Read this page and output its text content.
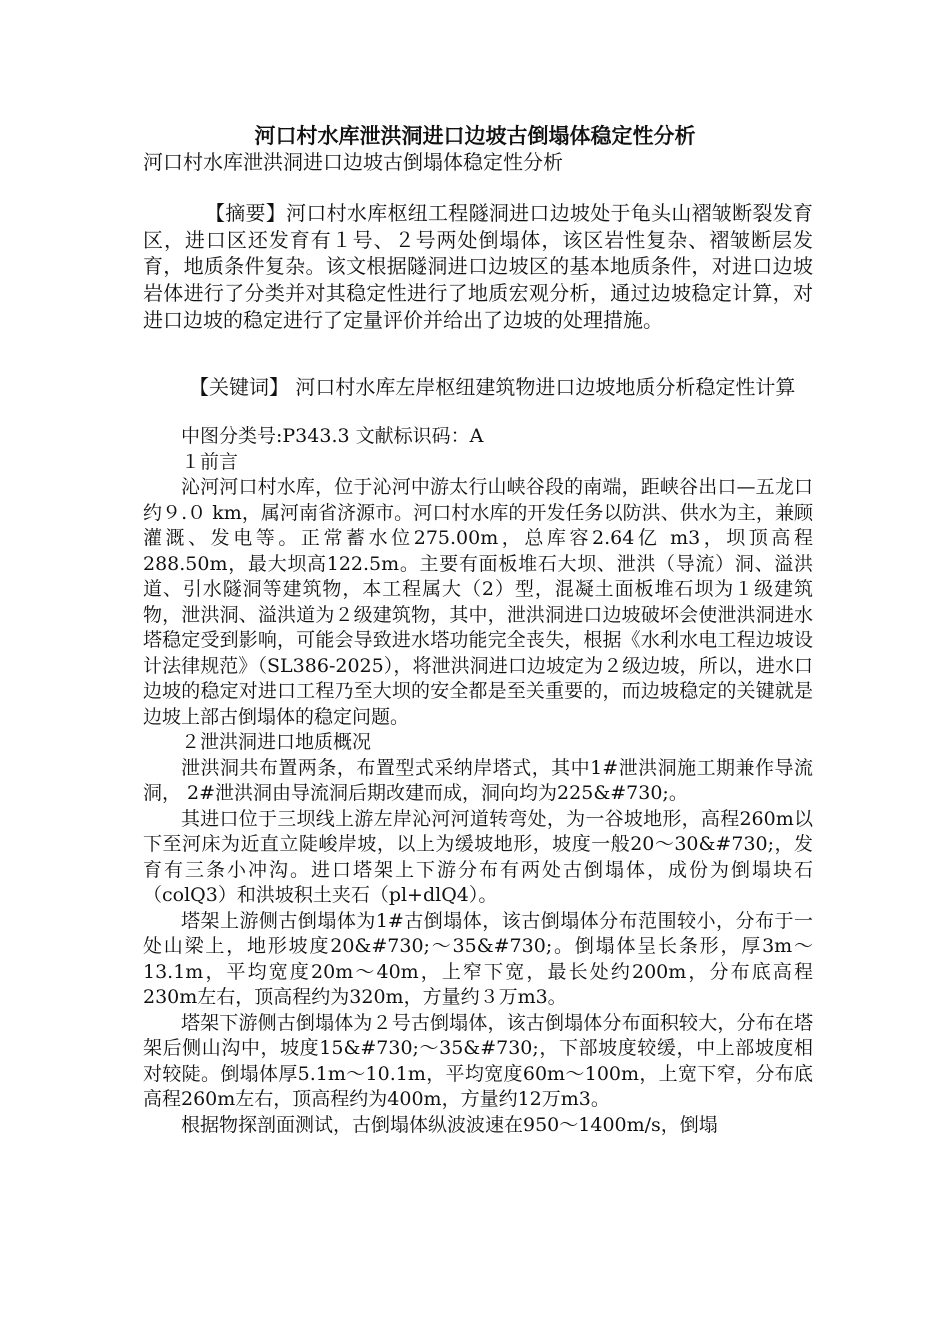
河口村水库泄洪洞进口边坡古倒塌体稳定性分析
河口村水库泄洪洞进口边坡古倒塌体稳定性分析

【摘要】河口村水库枢纽工程隧洞进口边坡处于龟头山褶皱断裂发育区，进口区还发育有１号、２号两处倒塌体，该区岩性复杂、褶皱断层发育，地质条件复杂。该文根据隧洞进口边坡区的基本地质条件，对进口边坡岩体进行了分类并对其稳定性进行了地质宏观分析，通过边坡稳定计算，对进口边坡的稳定进行了定量评价并给出了边坡的处理措施。

【关键词】 河口村水库左岸枢纽建筑物进口边坡地质分析稳定性计算

中图分类号:P343.3 文献标识码：A

１前言

沁河河口村水库，位于沁河中游太行山峡谷段的南端，距峡谷出口—五龙口约９.０ km，属河南省济源市。河口村水库的开发任务以防洪、供水为主，兼顾灌溉、发电等。正常蓄水位275.00m，总库容2.64亿 m3，坝顶高程288.50m，最大坝高122.5m。主要有面板堆石大坝、泄洪（导流）洞、溢洪道、引水隧洞等建筑物，本工程属大（2）型，混凝土面板堆石坝为１级建筑物，泄洪洞、溢洪道为２级建筑物，其中，泄洪洞进口边坡破坏会使泄洪洞进水塔稳定受到影响，可能会导致进水塔功能完全丧失，根据《水利水电工程边坡设计法律规范》（SL386-2025），将泄洪洞进口边坡定为２级边坡，所以，进水口边坡的稳定对进口工程乃至大坝的安全都是至关重要的，而边坡稳定的关键就是边坡上部古倒塌体的稳定问题。

２泄洪洞进口地质概况

泄洪洞共布置两条，布置型式采纳岸塔式，其中1#泄洪洞施工期兼作导流洞， 2#泄洪洞由导流洞后期改建而成，洞向均为225&#730;。

其进口位于三坝线上游左岸沁河河道转弯处，为一谷坡地形，高程260m以下至河床为近直立陡峻岸坡，以上为缓坡地形，坡度一般20～30&#730;，发育有三条小冲沟。进口塔架上下游分布有两处古倒塌体，成份为倒塌块石（colQ3）和洪坡积土夹石（pl+dlQ4）。

塔架上游侧古倒塌体为1#古倒塌体，该古倒塌体分布范围较小，分布于一处山梁上，地形坡度20&#730;～35&#730;。倒塌体呈长条形，厚3m～13.1m，平均宽度20m～40m，上窄下宽，最长处约200m，分布底高程230m左右，顶高程约为320m，方量约３万m3。

塔架下游侧古倒塌体为２号古倒塌体，该古倒塌体分布面积较大，分布在塔架后侧山沟中，坡度15&#730;～35&#730;，下部坡度较缓，中上部坡度相对较陡。倒塌体厚5.1m～10.1m，平均宽度60m～100m，上宽下窄，分布底高程260m左右，顶高程约为400m，方量约12万m3。

根据物探剖面测试，古倒塌体纵波波速在950～1400m/s，倒塌
